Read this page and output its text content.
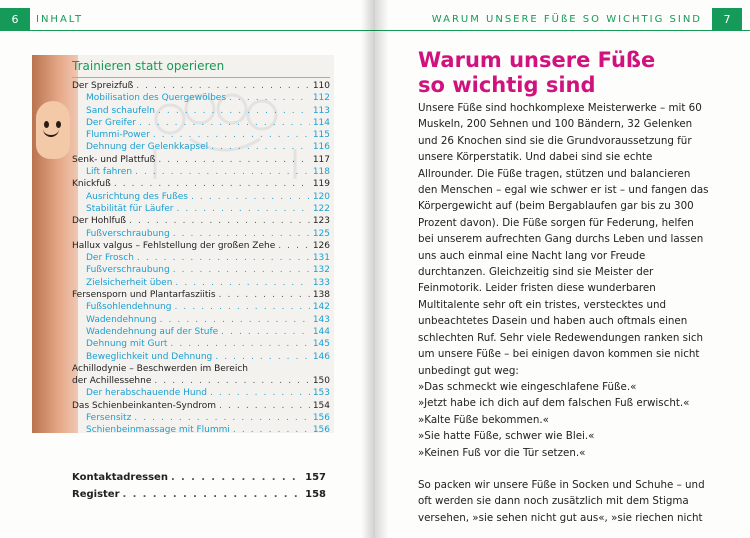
6	INHALT
Trainieren statt operieren
Der Spreizfuß . . .	110
Mobilisation des Quergewölbes . . .	112
Sand schaufeln . . .	113
Der Greifer . . .	114
Flummi-Power . . .	115
Dehnung der Gelenkkapsel . . .	116
Senk- und Plattfuß . . .	117
Lift fahren . . .	118
Knickfuß . . .	119
Ausrichtung des Fußes . . .	120
Stabilität für Läufer . . .	122
Der Hohlfuß . . .	123
Fußverschraubung . . .	125
Hallux valgus – Fehlstellung der großen Zehe . . .	126
Der Frosch . . .	131
Fußverschraubung . . .	132
Zielsicherheit üben . . .	133
Fersensporn und Plantarfasziitis . . .	138
Fußsohlendehnung . . .	142
Wadendehnung . . .	143
Wadendehnung auf der Stufe . . .	144
Dehnung mit Gurt . . .	145
Beweglichkeit und Dehnung . . .	146
Achillodynie – Beschwerden im Bereich
der Achillessehne . . .	150
Der herabschauende Hund . . .	153
Das Schienbeinkanten-Syndrom . . .	154
Fersensitz . . .	156
Schienbeinmassage mit Flummi . . .	156
Kontaktadressen . . .	157
Register . . .	158
WARUM UNSERE FÜßE SO WICHTIG SIND	7
Warum unsere Füße
so wichtig sind

Unsere Füße sind hochkomplexe Meisterwerke – mit 60 Muskeln, 200 Sehnen und 100 Bändern, 32 Gelenken und 26 Knochen sind sie die Grundvoraussetzung für unsere Körperstatik. Und dabei sind sie echte Allrounder. Die Füße tragen, stützen und balancieren den Menschen – egal wie schwer er ist – und fangen das Körpergewicht auf (beim Bergablaufen gar bis zu 300 Prozent davon). Die Füße sorgen für Federung, helfen bei unserem aufrechten Gang durchs Leben und lassen uns auch einmal eine Nacht lang vor Freude durchtanzen. Gleichzeitig sind sie Meister der Feinmotorik. Leider fristen diese wunderbaren Multitalente sehr oft ein tristes, verstecktes und unbeachtetes Dasein und haben auch oftmals einen schlechten Ruf. Sehr viele Redewendungen ranken sich um unsere Füße – bei einigen davon kommen sie nicht unbedingt gut weg:

»Das schmeckt wie eingeschlafene Füße.«
»Jetzt habe ich dich auf dem falschen Fuß erwischt.«
»Kalte Füße bekommen.«
»Sie hatte Füße, schwer wie Blei.«
»Keinen Fuß vor die Tür setzen.«

So packen wir unsere Füße in Socken und Schuhe – und oft werden sie dann noch zusätzlich mit dem Stigma versehen, »sie sehen nicht gut aus«, »sie riechen nicht
